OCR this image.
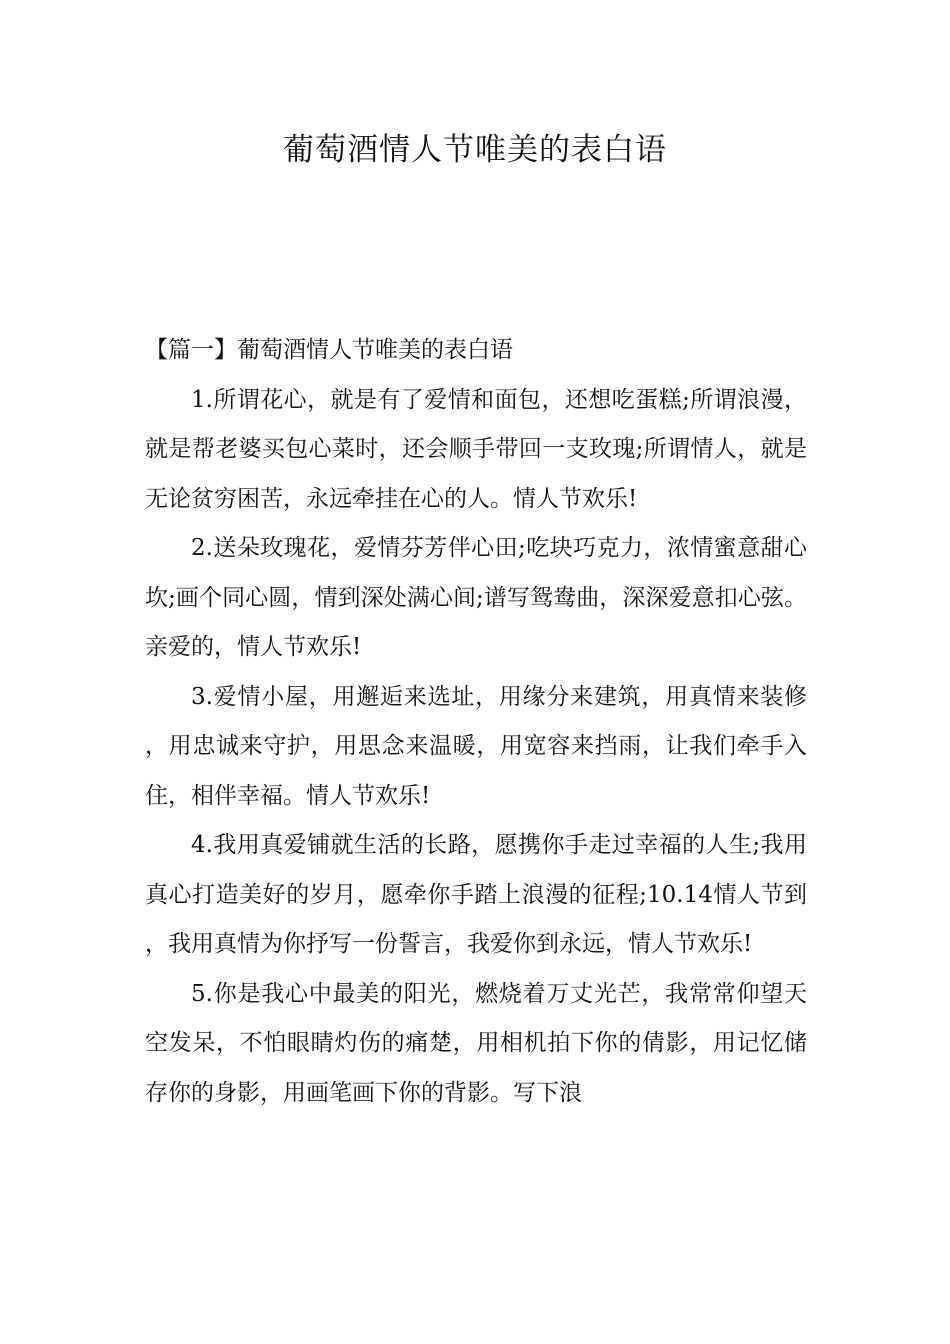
葡萄酒情人节唯美的表白语

【篇一】葡萄酒情人节唯美的表白语

1.所谓花心，就是有了爱情和面包，还想吃蛋糕;所谓浪漫，就是帮老婆买包心菜时，还会顺手带回一支玫瑰;所谓情人，就是无论贫穷困苦，永远牵挂在心的人。情人节欢乐!

2.送朵玫瑰花，爱情芬芳伴心田;吃块巧克力，浓情蜜意甜心坎;画个同心圆，情到深处满心间;谱写鸳鸯曲，深深爱意扣心弦。亲爱的，情人节欢乐!

3.爱情小屋，用邂逅来选址，用缘分来建筑，用真情来装修，用忠诚来守护，用思念来温暖，用宽容来挡雨，让我们牵手入住，相伴幸福。情人节欢乐!

4.我用真爱铺就生活的长路，愿携你手走过幸福的人生;我用真心打造美好的岁月，愿牵你手踏上浪漫的征程;10.14情人节到，我用真情为你抒写一份誓言，我爱你到永远，情人节欢乐!

5.你是我心中最美的阳光，燃烧着万丈光芒，我常常仰望天空发呆，不怕眼睛灼伤的痛楚，用相机拍下你的倩影，用记忆储存你的身影，用画笔画下你的背影。写下浪
